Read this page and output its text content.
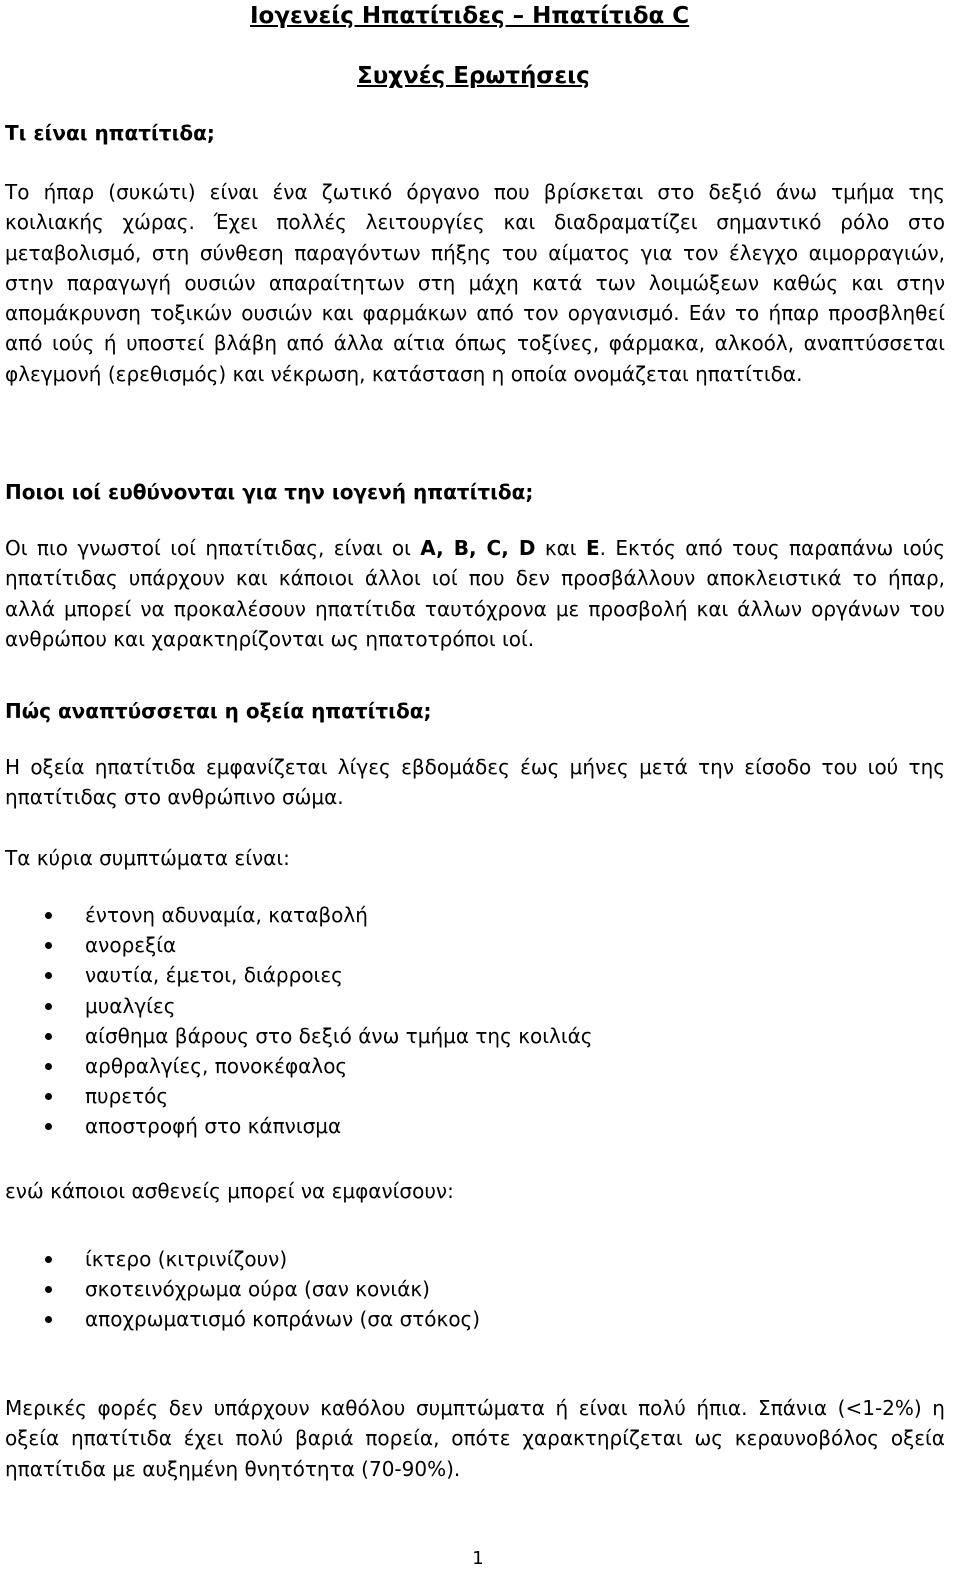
Ιογενείς Ηπατίτιδες – Ηπατίτιδα C
Συχνές Ερωτήσεις
Τι είναι ηπατίτιδα;
Το ήπαρ (συκώτι) είναι ένα ζωτικό όργανο που βρίσκεται στο δεξιό άνω τμήμα της κοιλιακής χώρας. Έχει πολλές λειτουργίες και διαδραματίζει σημαντικό ρόλο στο μεταβολισμό, στη σύνθεση παραγόντων πήξης του αίματος για τον έλεγχο αιμορραγιών, στην παραγωγή ουσιών απαραίτητων στη μάχη κατά των λοιμώξεων καθώς και στην απομάκρυνση τοξικών ουσιών και φαρμάκων από τον οργανισμό. Εάν το ήπαρ προσβληθεί από ιούς ή υποστεί βλάβη από άλλα αίτια όπως τοξίνες, φάρμακα, αλκοόλ, αναπτύσσεται φλεγμονή (ερεθισμός) και νέκρωση, κατάσταση η οποία ονομάζεται ηπατίτιδα.
Ποιοι ιοί ευθύνονται για την ιογενή ηπατίτιδα;
Οι πιο γνωστοί ιοί ηπατίτιδας, είναι οι A, B, C, D και E. Εκτός από τους παραπάνω ιούς ηπατίτιδας υπάρχουν και κάποιοι άλλοι ιοί που δεν προσβάλλουν αποκλειστικά το ήπαρ, αλλά μπορεί να προκαλέσουν ηπατίτιδα ταυτόχρονα με προσβολή και άλλων οργάνων του ανθρώπου και χαρακτηρίζονται ως ηπατοτρόποι ιοί.
Πώς αναπτύσσεται η οξεία ηπατίτιδα;
Η οξεία ηπατίτιδα εμφανίζεται λίγες εβδομάδες έως μήνες μετά την είσοδο του ιού της ηπατίτιδας στο ανθρώπινο σώμα.
Τα κύρια συμπτώματα είναι:
έντονη αδυναμία, καταβολή
ανορεξία
ναυτία, έμετοι, διάρροιες
μυαλγίες
αίσθημα βάρους στο δεξιό άνω τμήμα της κοιλιάς
αρθραλγίες, πονοκέφαλος
πυρετός
αποστροφή στο κάπνισμα
ενώ κάποιοι ασθενείς μπορεί να εμφανίσουν:
ίκτερο (κιτρινίζουν)
σκοτεινόχρωμα ούρα (σαν κονιάκ)
αποχρωματισμό κοπράνων (σα στόκος)
Μερικές φορές δεν υπάρχουν καθόλου συμπτώματα ή είναι πολύ ήπια. Σπάνια (<1-2%) η οξεία ηπατίτιδα έχει πολύ βαριά πορεία, οπότε χαρακτηρίζεται ως κεραυνοβόλος οξεία ηπατίτιδα με αυξημένη θνητότητα (70-90%).
1
